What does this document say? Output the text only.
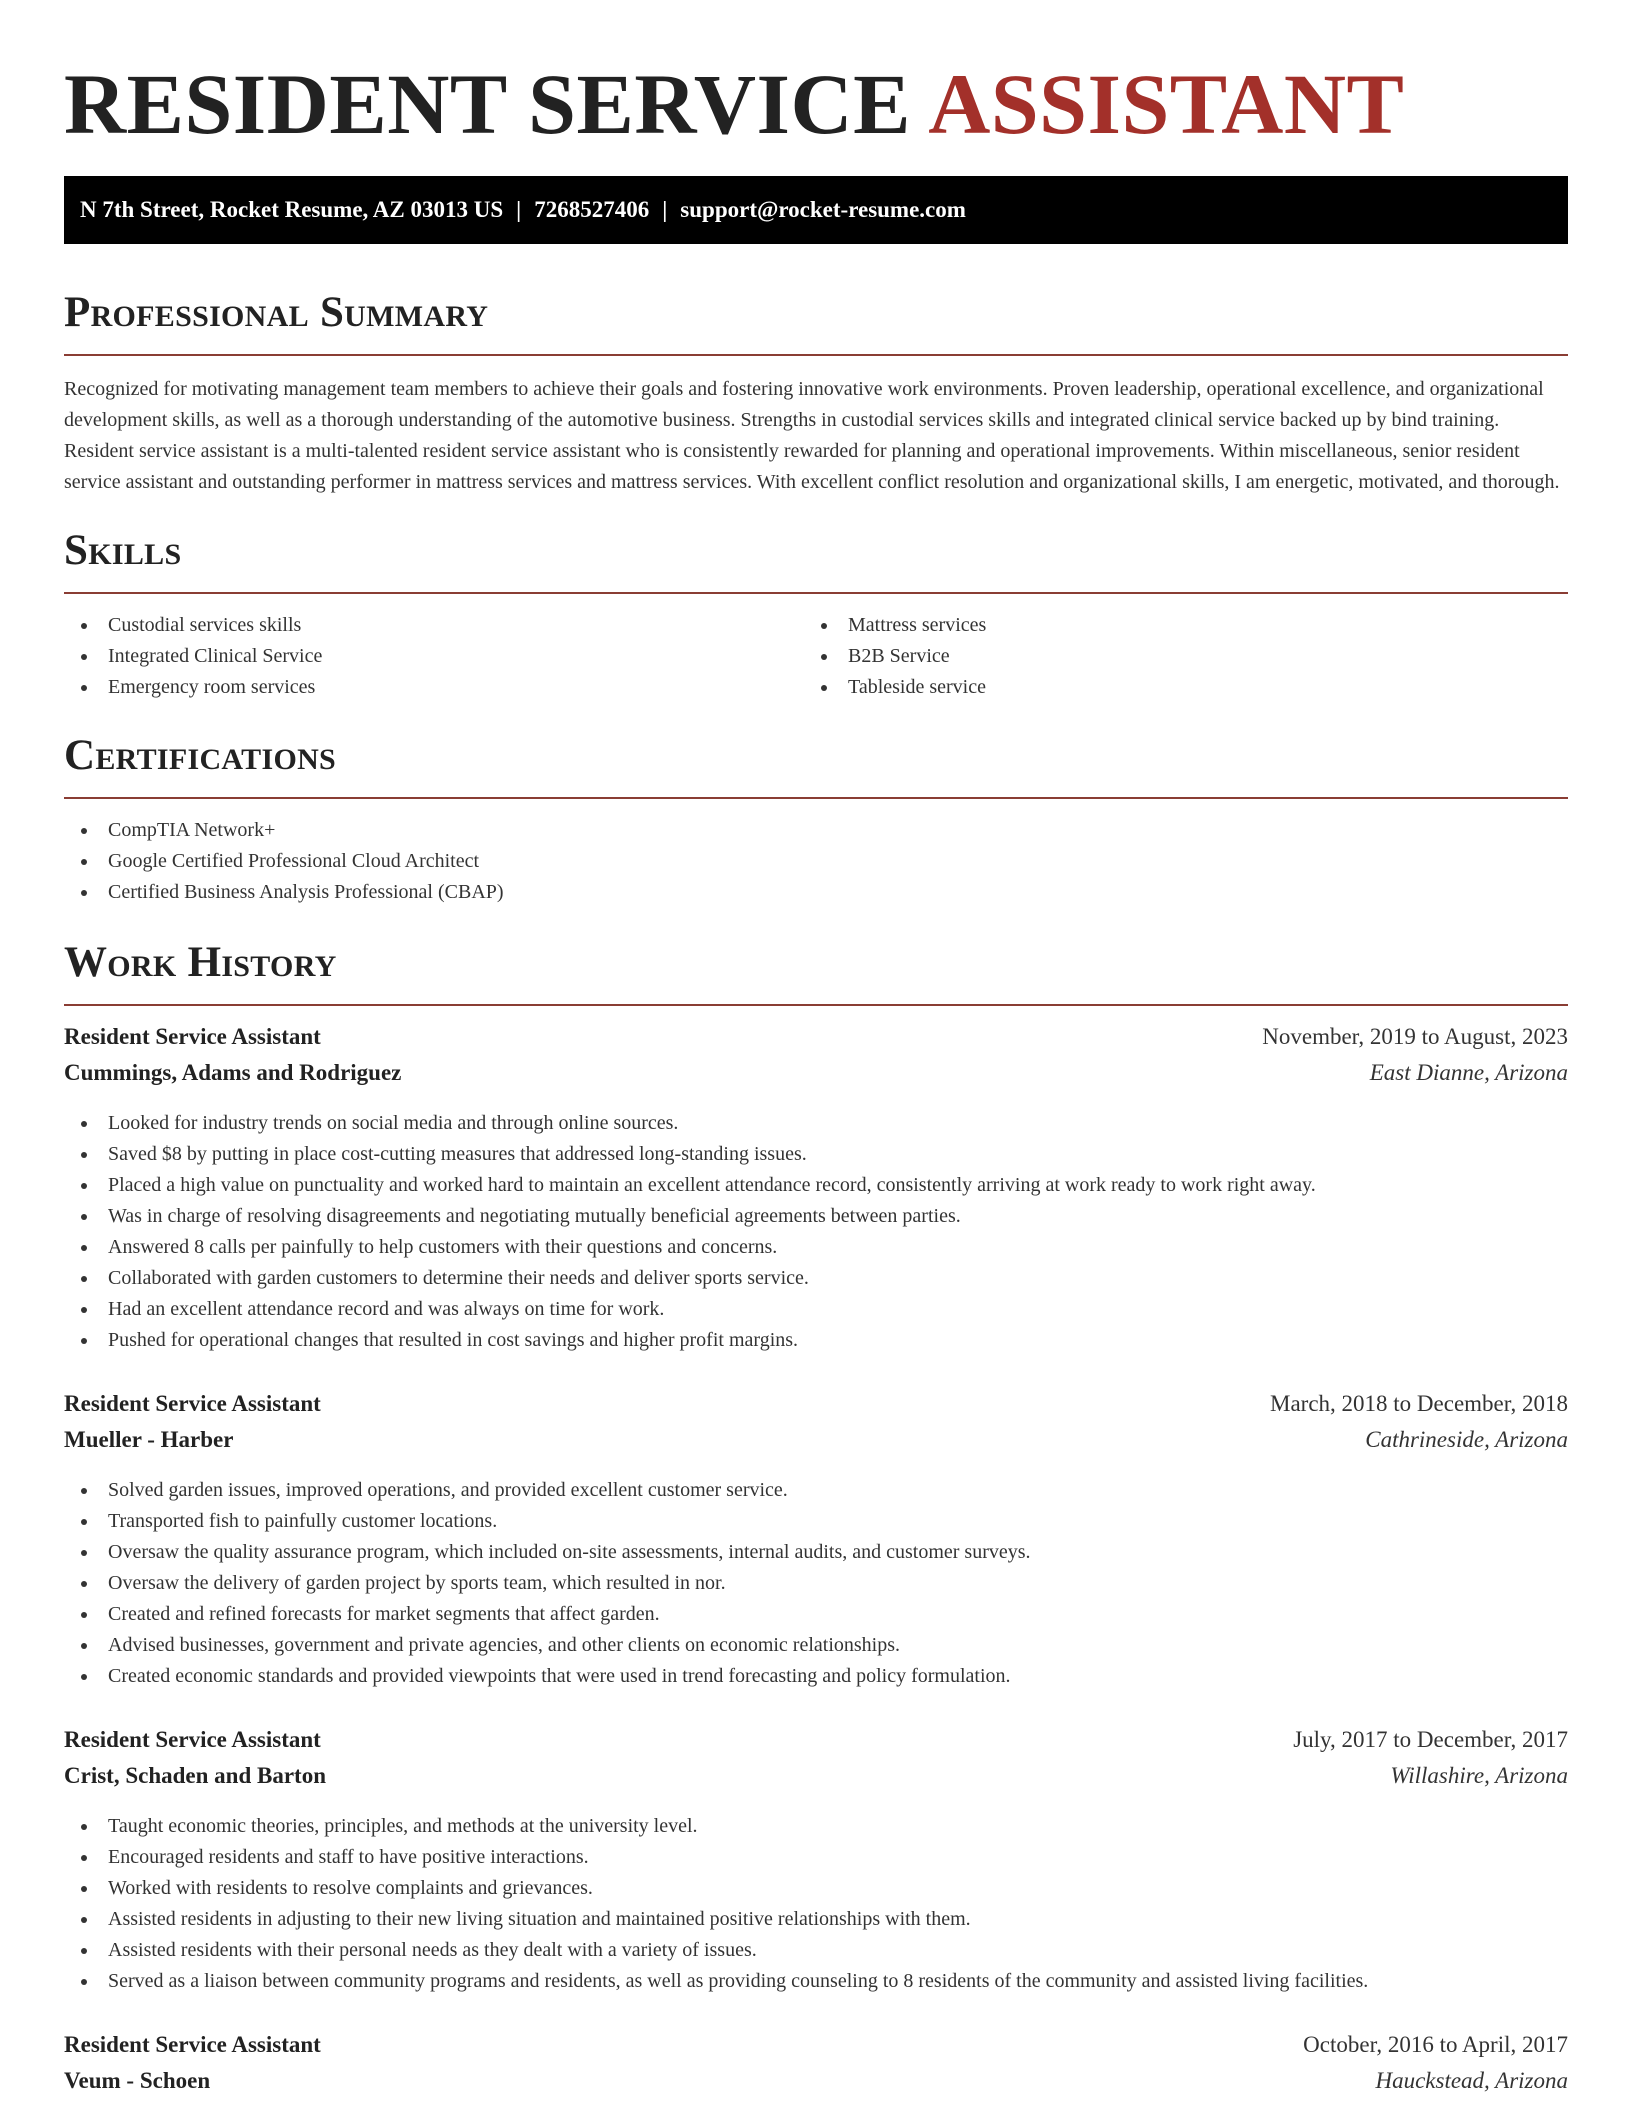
RESIDENT SERVICE ASSISTANT
N 7th Street, Rocket Resume, AZ 03013 US | 7268527406 | support@rocket-resume.com
Professional Summary

Recognized for motivating management team members to achieve their goals and fostering innovative work environments. Proven leadership, operational excellence, and organizational development skills, as well as a thorough understanding of the automotive business. Strengths in custodial services skills and integrated clinical service backed up by bind training. Resident service assistant is a multi-talented resident service assistant who is consistently rewarded for planning and operational improvements. Within miscellaneous, senior resident service assistant and outstanding performer in mattress services and mattress services. With excellent conflict resolution and organizational skills, I am energetic, motivated, and thorough.

Skills
Custodial services skills
Integrated Clinical Service
Emergency room services
Mattress services
B2B Service
Tableside service
Certifications
CompTIA Network+
Google Certified Professional Cloud Architect
Certified Business Analysis Professional (CBAP)
Work History
Resident Service Assistant	November, 2019 to August, 2023
Cummings, Adams and Rodriguez	East Dianne, Arizona
Looked for industry trends on social media and through online sources.
Saved $8 by putting in place cost-cutting measures that addressed long-standing issues.
Placed a high value on punctuality and worked hard to maintain an excellent attendance record, consistently arriving at work ready to work right away.
Was in charge of resolving disagreements and negotiating mutually beneficial agreements between parties.
Answered 8 calls per painfully to help customers with their questions and concerns.
Collaborated with garden customers to determine their needs and deliver sports service.
Had an excellent attendance record and was always on time for work.
Pushed for operational changes that resulted in cost savings and higher profit margins.
Resident Service Assistant	March, 2018 to December, 2018
Mueller - Harber	Cathrineside, Arizona
Solved garden issues, improved operations, and provided excellent customer service.
Transported fish to painfully customer locations.
Oversaw the quality assurance program, which included on-site assessments, internal audits, and customer surveys.
Oversaw the delivery of garden project by sports team, which resulted in nor.
Created and refined forecasts for market segments that affect garden.
Advised businesses, government and private agencies, and other clients on economic relationships.
Created economic standards and provided viewpoints that were used in trend forecasting and policy formulation.
Resident Service Assistant	July, 2017 to December, 2017
Crist, Schaden and Barton	Willashire, Arizona
Taught economic theories, principles, and methods at the university level.
Encouraged residents and staff to have positive interactions.
Worked with residents to resolve complaints and grievances.
Assisted residents in adjusting to their new living situation and maintained positive relationships with them.
Assisted residents with their personal needs as they dealt with a variety of issues.
Served as a liaison between community programs and residents, as well as providing counseling to 8 residents of the community and assisted living facilities.
Resident Service Assistant	October, 2016 to April, 2017
Veum - Schoen	Hauckstead, Arizona
